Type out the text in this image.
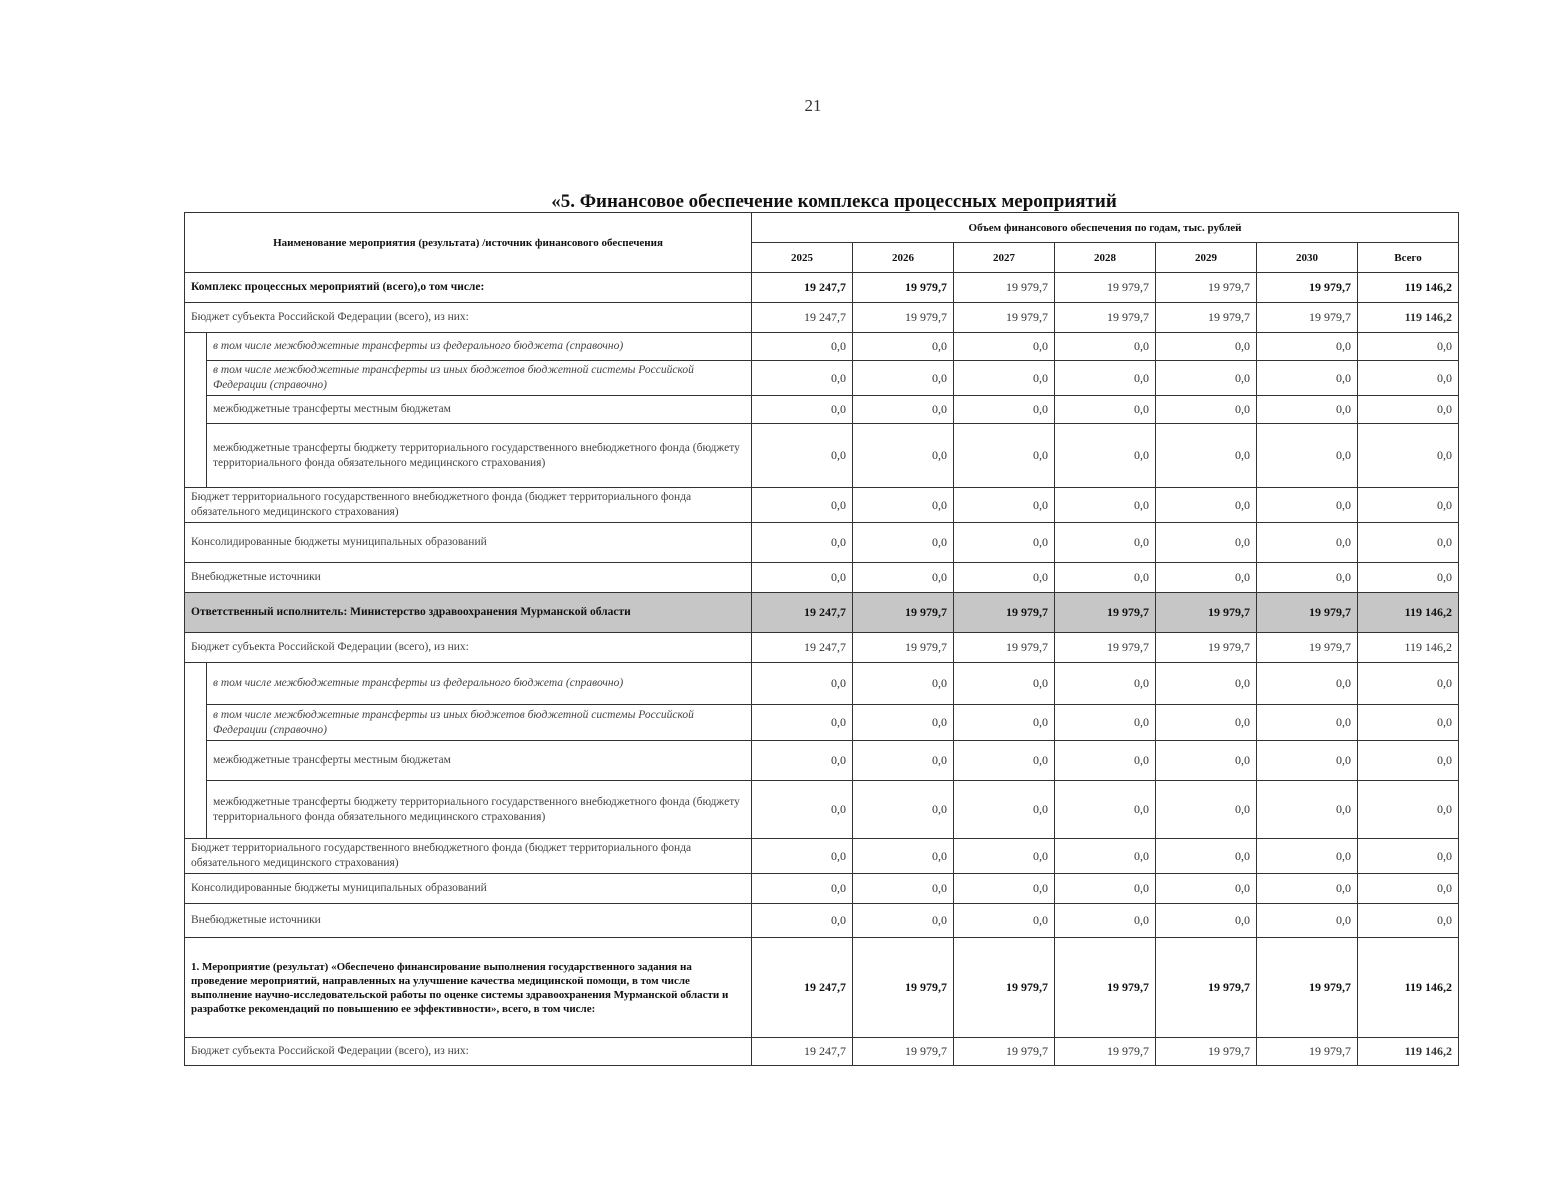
21
«5. Финансовое обеспечение комплекса процессных мероприятий
Наименование мероприятия (результата) /источник финансового обеспечения		Объем финансового обеспечения по годам, тыс. рублей						
		2025	2026	2027	2028	2029	2030	Всего
Комплекс процессных мероприятий (всего),о том числе:		19 247,7	19 979,7	19 979,7	19 979,7	19 979,7	19 979,7	119 146,2
Бюджет субъекта Российской Федерации (всего), из них:		19 247,7	19 979,7	19 979,7	19 979,7	19 979,7	19 979,7	119 146,2
	в том числе межбюджетные трансферты из федерального бюджета (справочно)	0,0	0,0	0,0	0,0	0,0	0,0	0,0
	в том числе межбюджетные трансферты из иных бюджетов бюджетной системы Российской Федерации (справочно)	0,0	0,0	0,0	0,0	0,0	0,0	0,0
	межбюджетные трансферты местным бюджетам	0,0	0,0	0,0	0,0	0,0	0,0	0,0
	межбюджетные трансферты бюджету территориального государственного внебюджетного фонда (бюджету территориального фонда обязательного медицинского страхования)	0,0	0,0	0,0	0,0	0,0	0,0	0,0
Бюджет территориального государственного внебюджетного фонда (бюджет территориального фонда обязательного медицинского страхования)		0,0	0,0	0,0	0,0	0,0	0,0	0,0
Консолидированные бюджеты муниципальных образований		0,0	0,0	0,0	0,0	0,0	0,0	0,0
Внебюджетные источники		0,0	0,0	0,0	0,0	0,0	0,0	0,0
Ответственный исполнитель: Министерство здравоохранения Мурманской области		19 247,7	19 979,7	19 979,7	19 979,7	19 979,7	19 979,7	119 146,2
Бюджет субъекта Российской Федерации (всего), из них:		19 247,7	19 979,7	19 979,7	19 979,7	19 979,7	19 979,7	119 146,2
	в том числе межбюджетные трансферты из федерального бюджета (справочно)	0,0	0,0	0,0	0,0	0,0	0,0	0,0
	в том числе межбюджетные трансферты из иных бюджетов бюджетной системы Российской Федерации (справочно)	0,0	0,0	0,0	0,0	0,0	0,0	0,0
	межбюджетные трансферты местным бюджетам	0,0	0,0	0,0	0,0	0,0	0,0	0,0
	межбюджетные трансферты бюджету территориального государственного внебюджетного фонда (бюджету территориального фонда обязательного медицинского страхования)	0,0	0,0	0,0	0,0	0,0	0,0	0,0
Бюджет территориального государственного внебюджетного фонда (бюджет территориального фонда обязательного медицинского страхования)		0,0	0,0	0,0	0,0	0,0	0,0	0,0
Консолидированные бюджеты муниципальных образований		0,0	0,0	0,0	0,0	0,0	0,0	0,0
Внебюджетные источники		0,0	0,0	0,0	0,0	0,0	0,0	0,0
1. Мероприятие (результат) «Обеспечено финансирование выполнения государственного задания на проведение мероприятий, направленных на улучшение качества медицинской помощи, в том числе выполнение научно-исследовательской работы по оценке системы здравоохранения Мурманской области и разработке рекомендаций по повышению ее эффективности», всего, в том числе:		19 247,7	19 979,7	19 979,7	19 979,7	19 979,7	19 979,7	119 146,2
Бюджет субъекта Российской Федерации (всего), из них:		19 247,7	19 979,7	19 979,7	19 979,7	19 979,7	19 979,7	119 146,2
